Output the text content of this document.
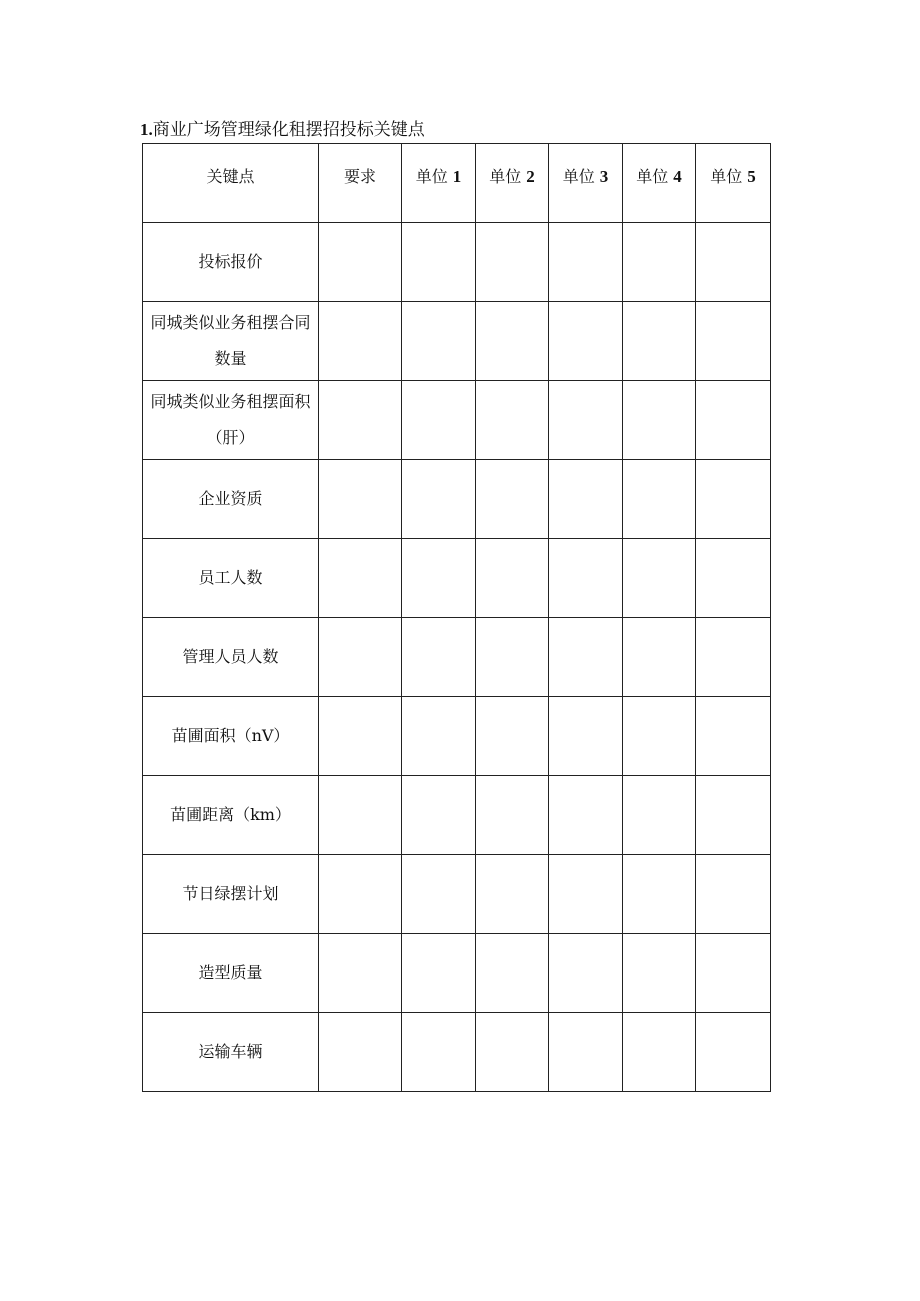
1.商业广场管理绿化租摆招投标关键点
关键点	要求	单位 1	单位 2	单位 3	单位 4	单位 5
投标报价						
同城类似业务租摆合同数量						
同城类似业务租摆面积（肝）						
企业资质						
员工人数						
管理人员人数						
苗圃面积（nV）						
苗圃距离（km）						
节日绿摆计划						
造型质量						
运输车辆						
